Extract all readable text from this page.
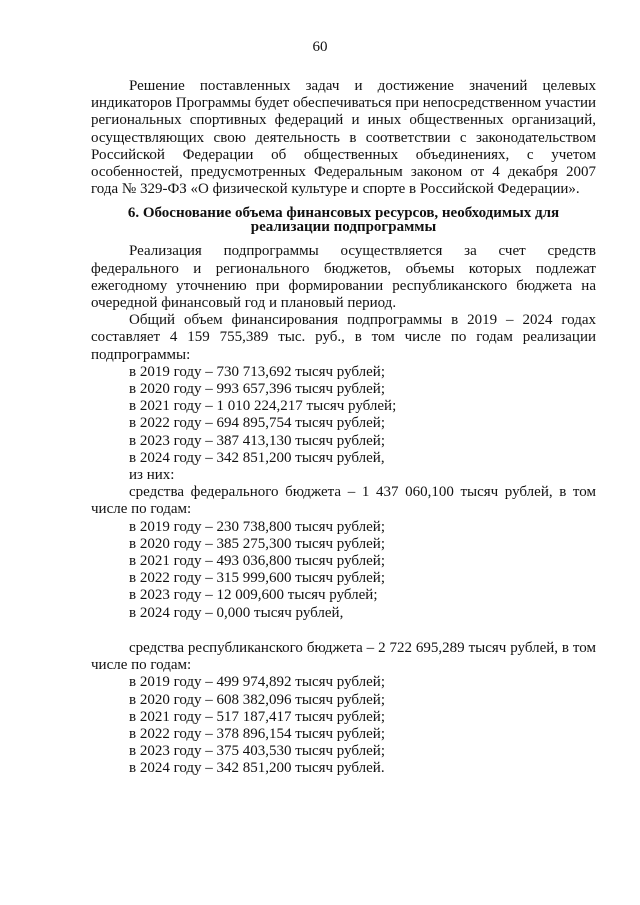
60

Решение поставленных задач и достижение значений целевых индикаторов Программы будет обеспечиваться при непосредственном участии региональных спортивных федераций и иных общественных организаций, осуществляющих свою деятельность в соответствии с законодательством Российской Федерации об общественных объединениях, с учетом особенностей, предусмотренных Федеральным законом от 4 декабря 2007 года № 329-ФЗ «О физической культуре и спорте в Российской Федерации».

6. Обоснование объема финансовых ресурсов, необходимых для реализации подпрограммы

Реализация подпрограммы осуществляется за счет средств федерального и регионального бюджетов, объемы которых подлежат ежегодному уточнению при формировании республиканского бюджета на очередной финансовый год и плановый период.

Общий объем финансирования подпрограммы в 2019 – 2024 годах составляет 4 159 755,389 тыс. руб., в том числе по годам реализации подпрограммы:

в 2019 году – 730 713,692 тысяч рублей;

в 2020 году – 993 657,396 тысяч рублей;

в 2021 году – 1 010 224,217 тысяч рублей;

в 2022 году – 694 895,754 тысяч рублей;

в 2023 году – 387 413,130 тысяч рублей;

в 2024 году – 342 851,200 тысяч рублей,

из них:

средства федерального бюджета – 1 437 060,100 тысяч рублей, в том числе по годам:

в 2019 году – 230 738,800 тысяч рублей;

в 2020 году – 385 275,300 тысяч рублей;

в 2021 году – 493 036,800 тысяч рублей;

в 2022 году – 315 999,600 тысяч рублей;

в 2023 году – 12 009,600 тысяч рублей;

в 2024 году – 0,000 тысяч рублей,

средства республиканского бюджета – 2 722 695,289 тысяч рублей, в том числе по годам:

в 2019 году – 499 974,892 тысяч рублей;

в 2020 году – 608 382,096 тысяч рублей;

в 2021 году – 517 187,417 тысяч рублей;

в 2022 году – 378 896,154 тысяч рублей;

в 2023 году – 375 403,530 тысяч рублей;

в 2024 году – 342 851,200 тысяч рублей.
